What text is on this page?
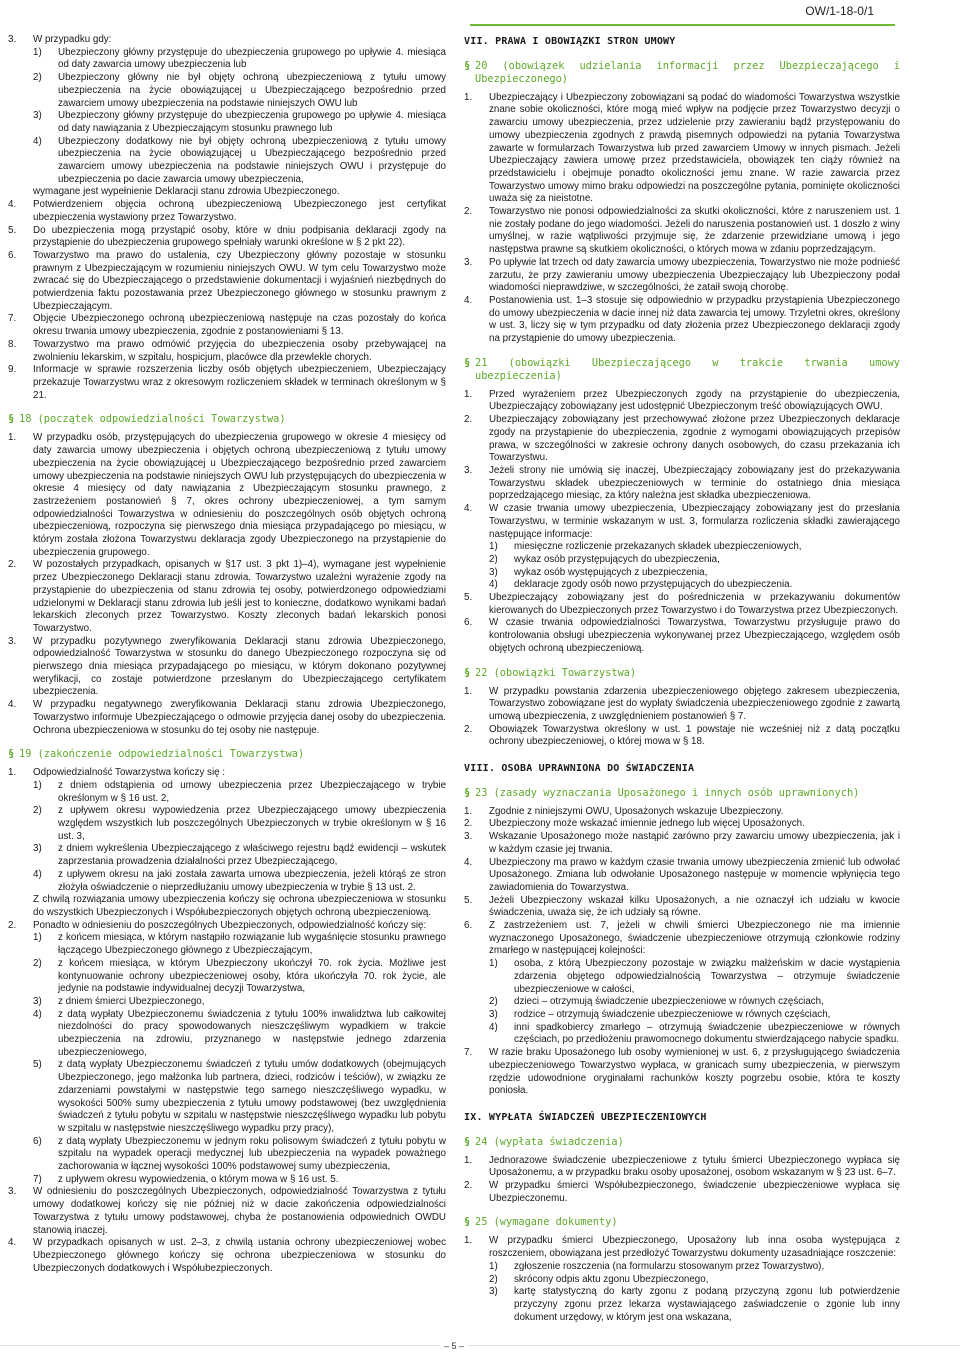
OW/1-18-0/1
3. W przypadku gdy:
1) Ubezpieczony główny przystępuje do ubezpieczenia grupowego po upływie 4. miesiąca od daty zawarcia umowy ubezpieczenia lub
2) Ubezpieczony główny nie był objęty ochroną ubezpieczeniową z tytułu umowy ubezpieczenia na życie obowiązującej u Ubezpieczającego bezpośrednio przed zawarciem umowy ubezpieczenia na podstawie niniejszych OWU lub
3) Ubezpieczony główny przystępuje do ubezpieczenia grupowego po upływie 4. miesiąca od daty nawiązania z Ubezpieczającym stosunku prawnego lub
4) Ubezpieczony dodatkowy nie był objęty ochroną ubezpieczeniową z tytułu umowy ubezpieczenia na życie obowiązującej u Ubezpieczającego bezpośrednio przed zawarciem umowy ubezpieczenia na podstawie niniejszych OWU i przystępuje do ubezpieczenia po dacie zawarcia umowy ubezpieczenia,

wymagane jest wypełnienie Deklaracji stanu zdrowia Ubezpieczonego.

4. Potwierdzeniem objęcia ochroną ubezpieczeniową Ubezpieczonego jest certyfikat ubezpieczenia wystawiony przez Towarzystwo.
5. Do ubezpieczenia mogą przystąpić osoby, które w dniu podpisania deklaracji zgody na przystąpienie do ubezpieczenia grupowego spełniały warunki określone w § 2 pkt 22).
6. Towarzystwo ma prawo do ustalenia, czy Ubezpieczony główny pozostaje w stosunku prawnym z Ubezpieczającym w rozumieniu niniejszych OWU. W tym celu Towarzystwo może zwracać się do Ubezpieczającego o przedstawienie dokumentacji i wyjaśnień niezbędnych do potwierdzenia faktu pozostawania przez Ubezpieczonego głównego w stosunku prawnym z Ubezpieczającym.
7. Objęcie Ubezpieczonego ochroną ubezpieczeniową następuje na czas pozostały do końca okresu trwania umowy ubezpieczenia, zgodnie z postanowieniami § 13.
8. Towarzystwo ma prawo odmówić przyjęcia do ubezpieczenia osoby przebywającej na zwolnieniu lekarskim, w szpitalu, hospicjum, placówce dla przewlekle chorych.
9. Informacje w sprawie rozszerzenia liczby osób objętych ubezpieczeniem, Ubezpieczający przekazuje Towarzystwu wraz z okresowym rozliczeniem składek w terminach określonym w § 21.
§ 18 (początek odpowiedzialności Towarzystwa)
1. W przypadku osób, przystępujących do ubezpieczenia grupowego w okresie 4 miesięcy od daty zawarcia umowy ubezpieczenia i objętych ochroną ubezpieczeniową z tytułu umowy ubezpieczenia na życie obowiązującej u Ubezpieczającego bezpośrednio przed zawarciem umowy ubezpieczenia na podstawie niniejszych OWU lub przystępujących do ubezpieczenia w okresie 4 miesięcy od daty nawiązania z Ubezpieczającym stosunku prawnego, z zastrzeżeniem postanowień § 7, okres ochrony ubezpieczeniowej, a tym samym odpowiedzialności Towarzystwa w odniesieniu do poszczególnych osób objętych ochroną ubezpieczeniową, rozpoczyna się pierwszego dnia miesiąca przypadającego po miesiącu, w którym została złożona Towarzystwu deklaracja zgody Ubezpieczonego na przystąpienie do ubezpieczenia grupowego.
2. W pozostałych przypadkach, opisanych w §17 ust. 3 pkt 1)–4), wymagane jest wypełnienie przez Ubezpieczonego Deklaracji stanu zdrowia. Towarzystwo uzależni wyrażenie zgody na przystąpienie do ubezpieczenia od stanu zdrowia tej osoby, potwierdzonego odpowiedziami udzielonymi w Deklaracji stanu zdrowia lub jeśli jest to konieczne, dodatkowo wynikami badań lekarskich zleconych przez Towarzystwo. Koszty zleconych badań lekarskich ponosi Towarzystwo.
3. W przypadku pozytywnego zweryfikowania Deklaracji stanu zdrowia Ubezpieczonego, odpowiedzialność Towarzystwa w stosunku do danego Ubezpieczonego rozpoczyna się od pierwszego dnia miesiąca przypadającego po miesiącu, w którym dokonano pozytywnej weryfikacji, co zostaje potwierdzone przesłanym do Ubezpieczającego certyfikatem ubezpieczenia.
4. W przypadku negatywnego zweryfikowania Deklaracji stanu zdrowia Ubezpieczonego, Towarzystwo informuje Ubezpieczającego o odmowie przyjęcia danej osoby do ubezpieczenia. Ochrona ubezpieczeniowa w stosunku do tej osoby nie następuje.
§ 19 (zakończenie odpowiedzialności Towarzystwa)
1. Odpowiedzialność Towarzystwa kończy się :
1) z dniem odstąpienia od umowy ubezpieczenia przez Ubezpieczającego w trybie określonym w § 16 ust. 2,
2) z upływem okresu wypowiedzenia przez Ubezpieczającego umowy ubezpieczenia względem wszystkich lub poszczególnych Ubezpieczonych w trybie określonym w § 16 ust. 3,
3) z dniem wykreślenia Ubezpieczającego z właściwego rejestru bądź ewidencji – wskutek zaprzestania prowadzenia działalności przez Ubezpieczającego,
4) z upływem okresu na jaki została zawarta umowa ubezpieczenia, jeżeli którąś ze stron złożyła oświadczenie o nieprzedłużaniu umowy ubezpieczenia w trybie § 13 ust. 2.

Z chwilą rozwiązania umowy ubezpieczenia kończy się ochrona ubezpieczeniowa w stosunku do wszystkich Ubezpieczonych i Współubezpieczonych objętych ochroną ubezpieczeniową.

2. Ponadto w odniesieniu do poszczególnych Ubezpieczonych, odpowiedzialność kończy się:
1) z końcem miesiąca, w którym nastąpiło rozwiązanie lub wygaśnięcie stosunku prawnego łączącego Ubezpieczonego głównego z Ubezpieczającym,
2) z końcem miesiąca, w którym Ubezpieczony ukończył 70. rok życia. Możliwe jest kontynuowanie ochrony ubezpieczeniowej osoby, która ukończyła 70. rok życie, ale jedynie na podstawie indywidualnej decyzji Towarzystwa,
3) z dniem śmierci Ubezpieczonego,
4) z datą wypłaty Ubezpieczonemu świadczenia z tytułu 100% inwalidztwa lub całkowitej niezdolności do pracy spowodowanych nieszczęśliwym wypadkiem w trakcie ubezpieczenia na zdrowiu, przyznanego w następstwie jednego zdarzenia ubezpieczeniowego,
5) z datą wypłaty Ubezpieczonemu świadczeń z tytułu umów dodatkowych (obejmujących Ubezpieczonego, jego małżonka lub partnera, dzieci, rodziców i teściów), w związku ze zdarzeniami powstałymi w następstwie tego samego nieszczęśliwego wypadku, w wysokości 500% sumy ubezpieczenia z tytułu umowy podstawowej (bez uwzględnienia świadczeń z tytułu pobytu w szpitalu w następstwie nieszczęśliwego wypadku lub pobytu w szpitalu w następstwie nieszczęśliwego wypadku przy pracy),
6) z datą wypłaty Ubezpieczonemu w jednym roku polisowym świadczeń z tytułu pobytu w szpitalu na wypadek operacji medycznej lub ubezpieczenia na wypadek poważnego zachorowania w łącznej wysokości 100% podstawowej sumy ubezpieczenia,
7) z upływem okresu wypowiedzenia, o którym mowa w § 16 ust. 5.
3. W odniesieniu do poszczególnych Ubezpieczonych, odpowiedzialność Towarzystwa z tytułu umowy dodatkowej kończy się nie później niż w dacie zakończenia odpowiedzialności Towarzystwa z tytułu umowy podstawowej, chyba że postanowienia odpowiednich OWDU stanowią inaczej.
4. W przypadkach opisanych w ust. 2–3, z chwilą ustania ochrony ubezpieczeniowej wobec Ubezpieczonego głównego kończy się ochrona ubezpieczeniowa w stosunku do Ubezpieczonych dodatkowych i Współubezpieczonych.
VII. PRAWA I OBOWIĄZKI STRON UMOWY
§ 20 (obowiązek udzielania informacji przez Ubezpieczającego i Ubezpieczonego)
1. Ubezpieczający i Ubezpieczony zobowiązani są podać do wiadomości Towarzystwa wszystkie znane sobie okoliczności, które mogą mieć wpływ na podjęcie przez Towarzystwo decyzji o zawarciu umowy ubezpieczenia, przez udzielenie przy zawieraniu bądź przystępowaniu do umowy ubezpieczenia zgodnych z prawdą pisemnych odpowiedzi na pytania Towarzystwa zawarte w formularzach Towarzystwa lub przed zawarciem Umowy w innych pismach. Jeżeli Ubezpieczający zawiera umowę przez przedstawiciela, obowiązek ten ciąży również na przedstawicielu i obejmuje ponadto okoliczności jemu znane. W razie zawarcia przez Towarzystwo umowy mimo braku odpowiedzi na poszczególne pytania, pominięte okoliczności uważa się za nieistotne.
2. Towarzystwo nie ponosi odpowiedzialności za skutki okoliczności, które z naruszeniem ust. 1 nie zostały podane do jego wiadomości. Jeżeli do naruszenia postanowień ust. 1 doszło z winy umyślnej, w razie wątpliwości przyjmuje się, że zdarzenie przewidziane umową i jego następstwa prawne są skutkiem okoliczności, o których mowa w zdaniu poprzedzającym.
3. Po upływie lat trzech od daty zawarcia umowy ubezpieczenia, Towarzystwo nie może podnieść zarzutu, że przy zawieraniu umowy ubezpieczenia Ubezpieczający lub Ubezpieczony podał wiadomości nieprawdziwe, w szczególności, że zataił swoją chorobę.
4. Postanowienia ust. 1–3 stosuje się odpowiednio w przypadku przystąpienia Ubezpieczonego do umowy ubezpieczenia w dacie innej niż data zawarcia tej umowy. Trzyletni okres, określony w ust. 3, liczy się w tym przypadku od daty złożenia przez Ubezpieczonego deklaracji zgody na przystąpienie do umowy ubezpieczenia.
§ 21 (obowiązki Ubezpieczającego w trakcie trwania umowy ubezpieczenia)
1. Przed wyrażeniem przez Ubezpieczonych zgody na przystąpienie do ubezpieczenia, Ubezpieczający zobowiązany jest udostępnić Ubezpieczonym treść obowiązujących OWU.
2. Ubezpieczający zobowiązany jest przechowywać złożone przez Ubezpieczonych deklaracje zgody na przystąpienie do ubezpieczenia, zgodnie z wymogami obowiązujących przepisów prawa, w szczególności w zakresie ochrony danych osobowych, do czasu przekazania ich Towarzystwu.
3. Jeżeli strony nie umówią się inaczej, Ubezpieczający zobowiązany jest do przekazywania Towarzystwu składek ubezpieczeniowych w terminie do ostatniego dnia miesiąca poprzedzającego miesiąc, za który należna jest składka ubezpieczeniowa.
4. W czasie trwania umowy ubezpieczenia, Ubezpieczający zobowiązany jest do przesłania Towarzystwu, w terminie wskazanym w ust. 3, formularza rozliczenia składki zawierającego następujące informacje:
1) miesięczne rozliczenie przekazanych składek ubezpieczeniowych,
2) wykaz osób przystępujących do ubezpieczenia,
3) wykaz osób występujących z ubezpieczenia,
4) deklaracje zgody osób nowo przystępujących do ubezpieczenia.
5. Ubezpieczający zobowiązany jest do pośredniczenia w przekazywaniu dokumentów kierowanych do Ubezpieczonych przez Towarzystwo i do Towarzystwa przez Ubezpieczonych.
6. W czasie trwania odpowiedzialności Towarzystwa, Towarzystwu przysługuje prawo do kontrolowania obsługi ubezpieczenia wykonywanej przez Ubezpieczającego, względem osób objętych ochroną ubezpieczeniową.
§ 22 (obowiązki Towarzystwa)
1. W przypadku powstania zdarzenia ubezpieczeniowego objętego zakresem ubezpieczenia, Towarzystwo zobowiązane jest do wypłaty świadczenia ubezpieczeniowego zgodnie z zawartą umową ubezpieczenia, z uwzględnieniem postanowień § 7.
2. Obowiązek Towarzystwa określony w ust. 1 powstaje nie wcześniej niż z datą początku ochrony ubezpieczeniowej, o której mowa w § 18.
VIII. OSOBA UPRAWNIONA DO ŚWIADCZENIA
§ 23 (zasady wyznaczania Uposażonego i innych osób uprawnionych)
1. Zgodnie z niniejszymi OWU, Uposażonych wskazuje Ubezpieczony.
2. Ubezpieczony może wskazać imiennie jednego lub więcej Uposażonych.
3. Wskazanie Uposażonego może nastąpić zarówno przy zawarciu umowy ubezpieczenia, jak i w każdym czasie jej trwania.
4. Ubezpieczony ma prawo w każdym czasie trwania umowy ubezpieczenia zmienić lub odwołać Uposażonego. Zmiana lub odwołanie Uposażonego następuje w momencie wpłynięcia tego zawiadomienia do Towarzystwa.
5. Jeżeli Ubezpieczony wskazał kilku Uposażonych, a nie oznaczył ich udziału w kwocie świadczenia, uważa się, że ich udziały są równe.
6. Z zastrzeżeniem ust. 7, jeżeli w chwili śmierci Ubezpieczonego nie ma imiennie wyznaczonego Uposażonego, świadczenie ubezpieczeniowe otrzymują członkowie rodziny zmarłego w następującej kolejności:
1) osoba, z którą Ubezpieczony pozostaje w związku małżeńskim w dacie wystąpienia zdarzenia objętego odpowiedzialnością Towarzystwa – otrzymuje świadczenie ubezpieczeniowe w całości,
2) dzieci – otrzymują świadczenie ubezpieczeniowe w równych częściach,
3) rodzice – otrzymują świadczenie ubezpieczeniowe w równych częściach,
4) inni spadkobiercy zmarłego – otrzymują świadczenie ubezpieczeniowe w równych częściach, po przedłożeniu prawomocnego dokumentu stwierdzającego nabycie spadku.
7. W razie braku Uposażonego lub osoby wymienionej w ust. 6, z przysługującego świadczenia ubezpieczeniowego Towarzystwo wypłaca, w granicach sumy ubezpieczenia, w pierwszym rzędzie udowodnione oryginałami rachunków koszty pogrzebu osobie, która te koszty poniosła.
IX. WYPŁATA ŚWIADCZEŃ UBEZPIECZENIOWYCH
§ 24 (wypłata świadczenia)
1. Jednorazowe świadczenie ubezpieczeniowe z tytułu śmierci Ubezpieczonego wypłaca się Uposażonemu, a w przypadku braku osoby uposażonej, osobom wskazanym w § 23 ust. 6–7.
2. W przypadku śmierci Współubezpieczonego, świadczenie ubezpieczeniowe wypłaca się Ubezpieczonemu.
§ 25 (wymagane dokumenty)
1. W przypadku śmierci Ubezpieczonego, Uposażony lub inna osoba występująca z roszczeniem, obowiązana jest przedłożyć Towarzystwu dokumenty uzasadniające roszczenie:
1) zgłoszenie roszczenia (na formularzu stosowanym przez Towarzystwo),
2) skrócony odpis aktu zgonu Ubezpieczonego,
3) kartę statystyczną do karty zgonu z podaną przyczyną zgonu lub potwierdzenie przyczyny zgonu przez lekarza wystawiającego zaświadczenie o zgonie lub inny dokument urzędowy, w którym jest ona wskazana,
– 5 –
